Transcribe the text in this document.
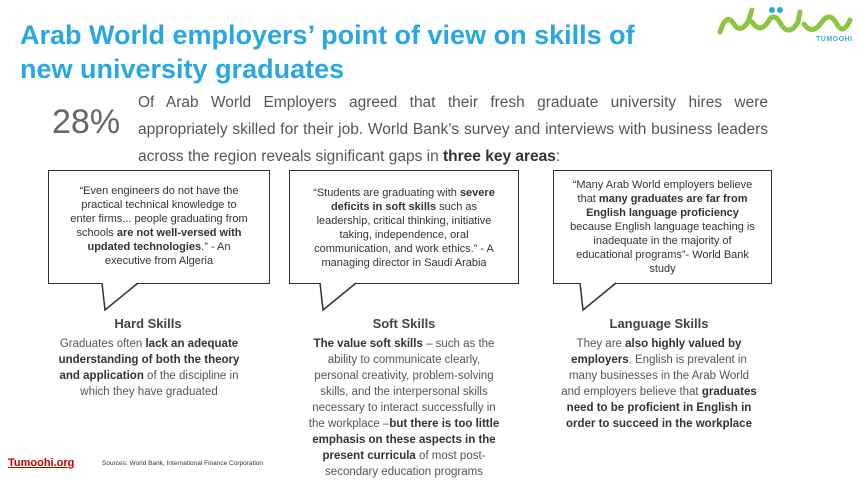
Arab World employers’ point of view on skills of
new university graduates
TUMOOHI
28%
Of Arab World Employers agreed that their fresh graduate university hires were appropriately skilled for their job. World Bank’s survey and interviews with business leaders across the region reveals significant gaps in three key areas:
“Even engineers do not have the
practical technical knowledge to
enter firms... people graduating from
schools are not well-versed with
updated technologies.” - An
executive from Algeria
“Students are graduating with severe
deficits in soft skills such as
leadership, critical thinking, initiative
taking, independence, oral
communication, and work ethics.” - A
managing director in Saudi Arabia
“Many Arab World employers believe
that many graduates are far from
English language proficiency
because English language teaching is
inadequate in the majority of
educational programs”- World Bank
study
Hard Skills
Graduates often lack an adequate
understanding of both the theory
and application of the discipline in
which they have graduated
Soft Skills
The value soft skills – such as the
ability to communicate clearly,
personal creativity, problem-solving
skills, and the interpersonal skills
necessary to interact successfully in
the workplace –but there is too little
emphasis on these aspects in the
present curricula of most post-
secondary education programs
Language Skills
They are also highly valued by
employers. English is prevalent in
many businesses in the Arab World
and employers believe that graduates
need to be proficient in English in
order to succeed in the workplace
Tumoohi.org	Sources: World Bank, International Finance Corporation
